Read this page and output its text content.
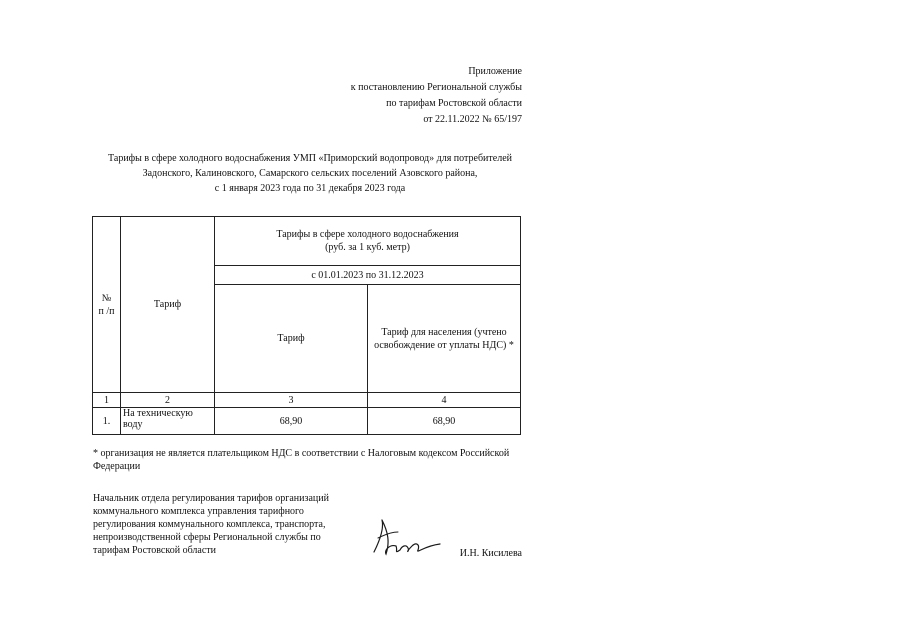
Приложение
к постановлению Региональной службы
по тарифам Ростовской области
от 22.11.2022 № 65/197
Тарифы в сфере холодного водоснабжения УМП «Приморский водопровод» для потребителей
Задонского, Калиновского, Самарского сельских поселений Азовского района,
с 1 января 2023 года по 31 декабря 2023 года
№
п /п	Тариф	Тарифы в сфере холодного водоснабжения
(руб. за 1 куб. метр)	
		с 01.01.2023 по 31.12.2023	
		Тариф	Тариф для населения (учтено освобождение от уплаты НДС) *
1	2	3	4
1.	На техническую воду	68,90	68,90
* организация не является плательщиком НДС в соответствии с Налоговым кодексом Российской Федерации
Начальник отдела регулирования тарифов организаций коммунального комплекса управления тарифного регулирования коммунального комплекса, транспорта, непроизводственной сферы Региональной службы по тарифам Ростовской области	И.Н. Кисилева
